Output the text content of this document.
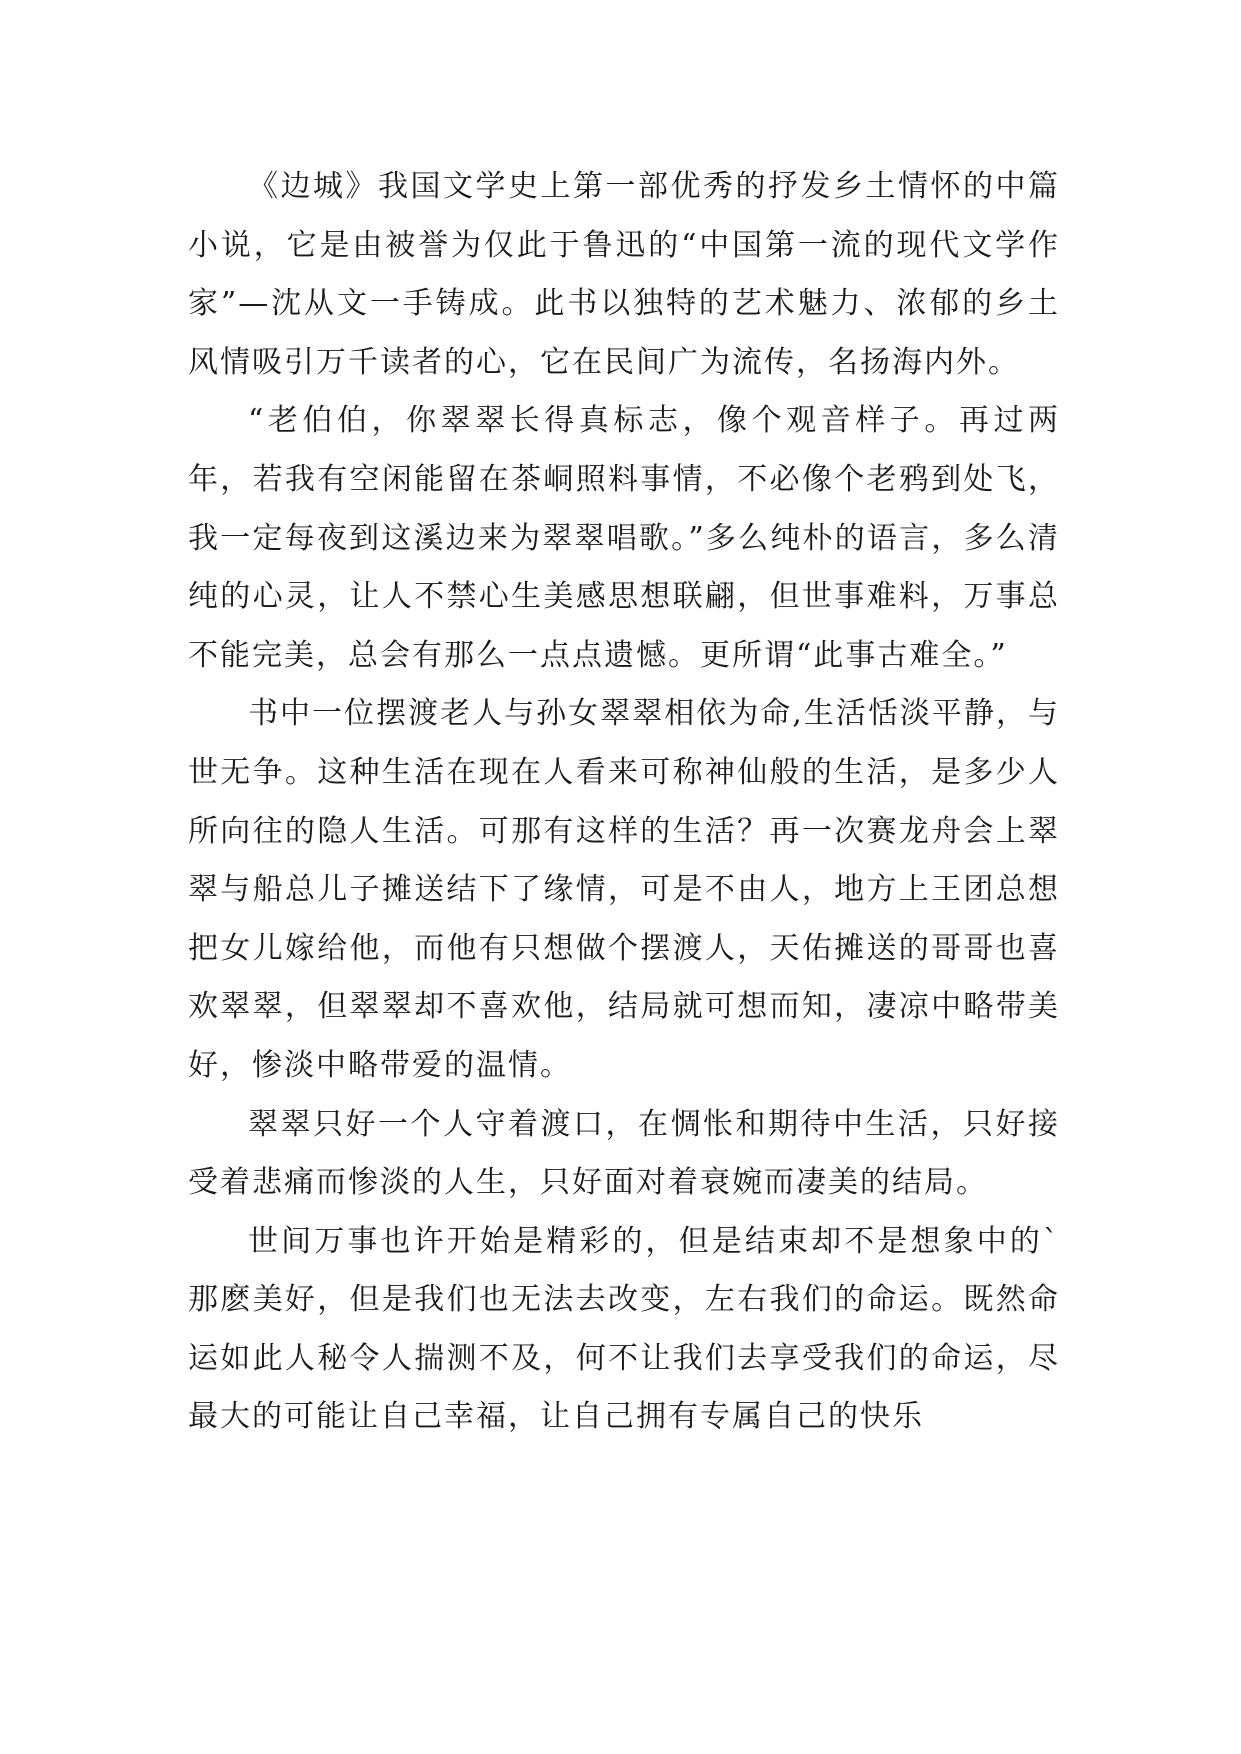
《边城》我国文学史上第一部优秀的抒发乡土情怀的中篇小说，它是由被誉为仅此于鲁迅的“中国第一流的现代文学作家”—沈从文一手铸成。此书以独特的艺术魅力、浓郁的乡土风情吸引万千读者的心，它在民间广为流传，名扬海内外。

“老伯伯，你翠翠长得真标志，像个观音样子。再过两年，若我有空闲能留在茶峒照料事情，不必像个老鸦到处飞，我一定每夜到这溪边来为翠翠唱歌。”多么纯朴的语言，多么清纯的心灵，让人不禁心生美感思想联翩，但世事难料，万事总不能完美，总会有那么一点点遗憾。更所谓“此事古难全。”

书中一位摆渡老人与孙女翠翠相依为命,生活恬淡平静，与世无争。这种生活在现在人看来可称神仙般的生活，是多少人所向往的隐人生活。可那有这样的生活？再一次赛龙舟会上翠翠与船总儿子摊送结下了缘情，可是不由人，地方上王团总想把女儿嫁给他，而他有只想做个摆渡人，天佑摊送的哥哥也喜欢翠翠，但翠翠却不喜欢他，结局就可想而知，凄凉中略带美好，惨淡中略带爱的温情。

翠翠只好一个人守着渡口，在惆怅和期待中生活，只好接受着悲痛而惨淡的人生，只好面对着衰婉而凄美的结局。

世间万事也许开始是精彩的，但是结束却不是想象中的`那麽美好，但是我们也无法去改变，左右我们的命运。既然命运如此人秘令人揣测不及，何不让我们去享受我们的命运，尽最大的可能让自己幸福，让自己拥有专属自己的快乐
